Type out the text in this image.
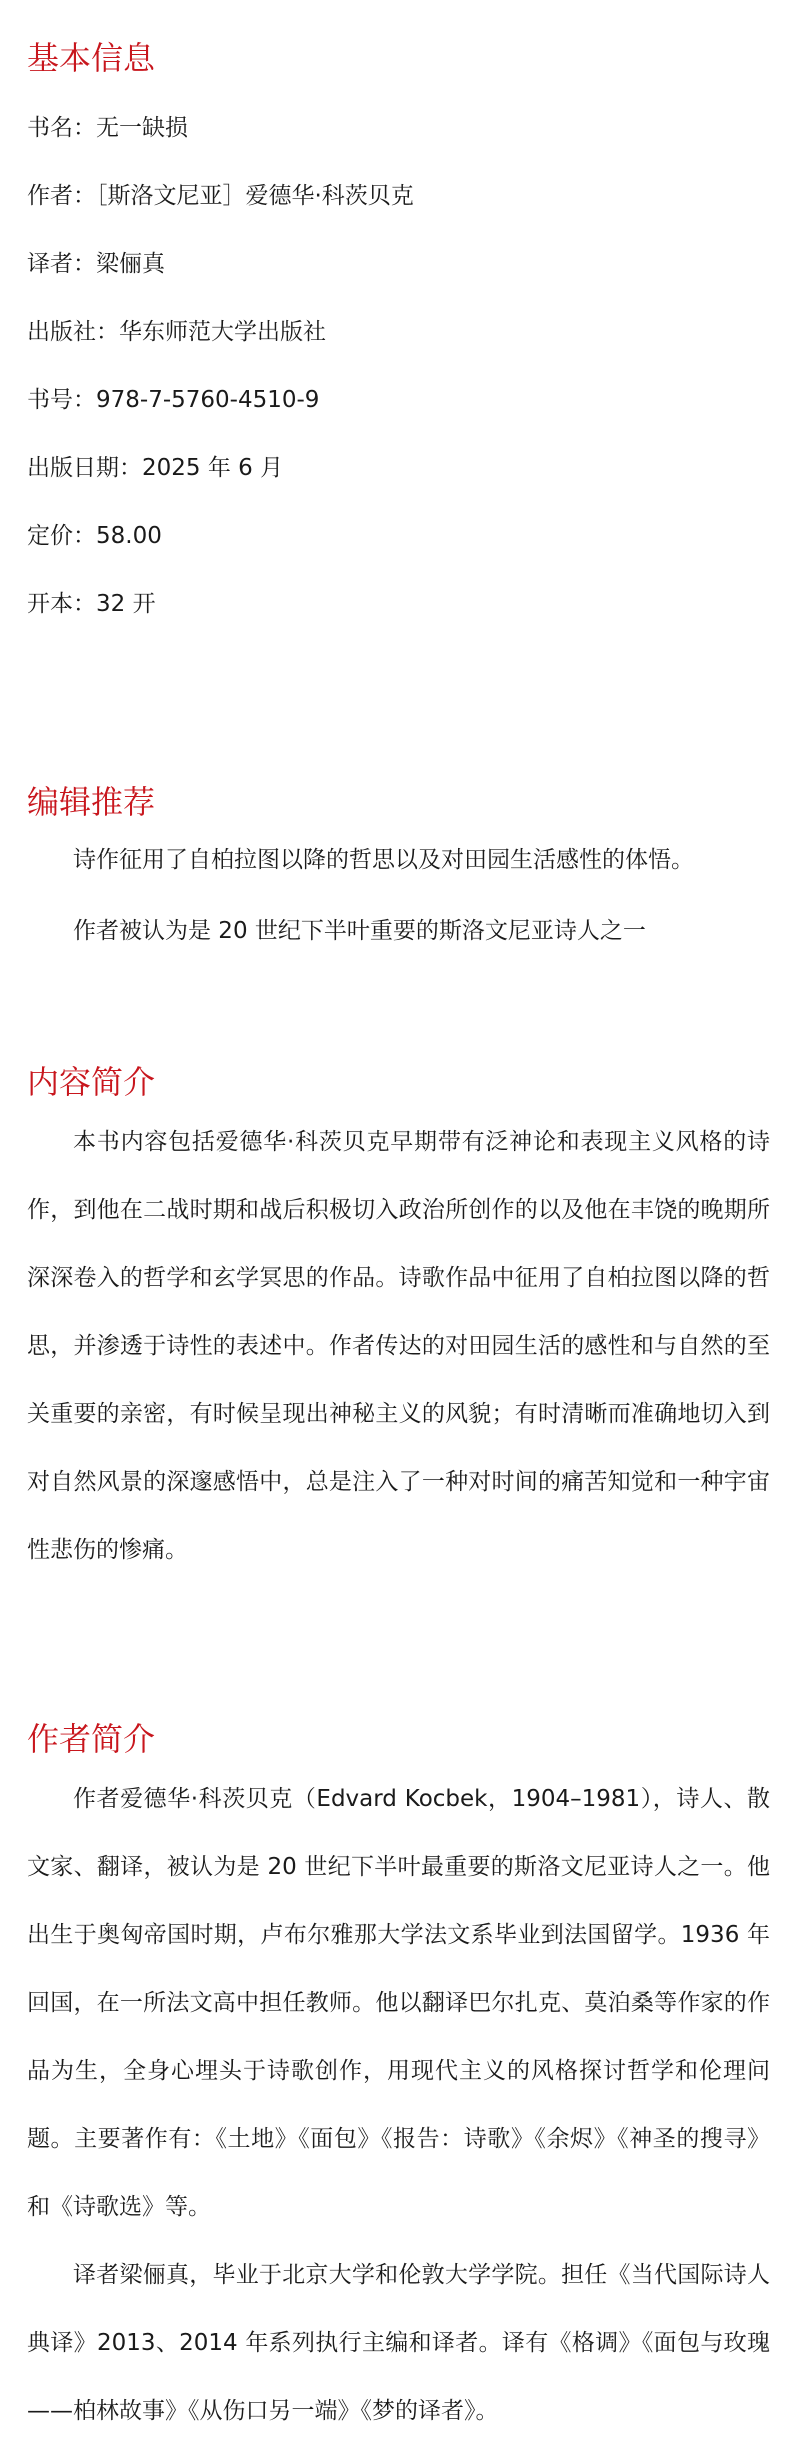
基本信息

书名：无一缺损

作者：［斯洛文尼亚］爱德华·科茨贝克

译者：梁俪真

出版社：华东师范大学出版社

书号：978-7-5760-4510-9

出版日期：2025 年 6 月

定价：58.00

开本：32 开

编辑推荐

诗作征用了自柏拉图以降的哲思以及对田园生活感性的体悟。

作者被认为是 20 世纪下半叶重要的斯洛文尼亚诗人之一

内容简介

本书内容包括爱德华·科茨贝克早期带有泛神论和表现主义风格的诗作，到他在二战时期和战后积极切入政治所创作的以及他在丰饶的晚期所深深卷入的哲学和玄学冥思的作品。诗歌作品中征用了自柏拉图以降的哲思，并渗透于诗性的表述中。作者传达的对田园生活的感性和与自然的至关重要的亲密，有时候呈现出神秘主义的风貌；有时清晰而准确地切入到对自然风景的深邃感悟中，总是注入了一种对时间的痛苦知觉和一种宇宙性悲伤的惨痛。

作者简介

作者爱德华·科茨贝克（Edvard Kocbek，1904–1981），诗人、散文家、翻译，被认为是 20 世纪下半叶最重要的斯洛文尼亚诗人之一。他出生于奥匈帝国时期，卢布尔雅那大学法文系毕业到法国留学。1936 年回国，在一所法文高中担任教师。他以翻译巴尔扎克、莫泊桑等作家的作品为生，全身心埋头于诗歌创作，用现代主义的风格探讨哲学和伦理问题。主要著作有：《土地》《面包》《报告：诗歌》《余烬》《神圣的搜寻》和《诗歌选》等。

译者梁俪真，毕业于北京大学和伦敦大学学院。担任《当代国际诗人典译》2013、2014 年系列执行主编和译者。译有《格调》《面包与玫瑰——柏林故事》《从伤口另一端》《梦的译者》。
